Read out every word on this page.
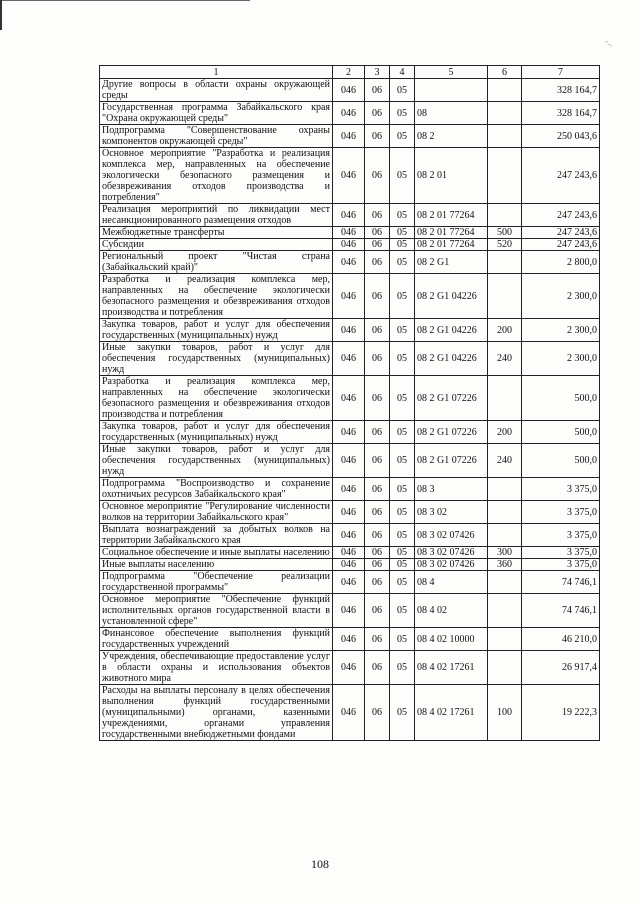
"-,
1	2	3	4	5	6	7
Другие вопросы в области охраны окружающей среды	046	06	05			328 164,7
Государственная программа Забайкальского края "Охрана окружающей среды"	046	06	05	08		328 164,7
Подпрограмма "Совершенствование охраны компонентов окружающей среды"	046	06	05	08 2		250 043,6
Основное мероприятие "Разработка и реализация комплекса мер, направленных на обеспечение экологически безопасного размещения и обезвреживания отходов производства и потребления"	046	06	05	08 2 01		247 243,6
Реализация мероприятий по ликвидации мест несанкционированного размещения отходов	046	06	05	08 2 01 77264		247 243,6
Межбюджетные трансферты	046	06	05	08 2 01 77264	500	247 243,6
Субсидии	046	06	05	08 2 01 77264	520	247 243,6
Региональный проект "Чистая страна (Забайкальский край)"	046	06	05	08 2 G1		2 800,0
Разработка и реализация комплекса мер, направленных на обеспечение экологически безопасного размещения и обезвреживания отходов производства и потребления	046	06	05	08 2 G1 04226		2 300,0
Закупка товаров, работ и услуг для обеспечения государственных (муниципальных) нужд	046	06	05	08 2 G1 04226	200	2 300,0
Иные закупки товаров, работ и услуг для обеспечения государственных (муниципальных) нужд	046	06	05	08 2 G1 04226	240	2 300,0
Разработка и реализация комплекса мер, направленных на обеспечение экологически безопасного размещения и обезвреживания отходов производства и потребления	046	06	05	08 2 G1 07226		500,0
Закупка товаров, работ и услуг для обеспечения государственных (муниципальных) нужд	046	06	05	08 2 G1 07226	200	500,0
Иные закупки товаров, работ и услуг для обеспечения государственных (муниципальных) нужд	046	06	05	08 2 G1 07226	240	500,0
Подпрограмма "Воспроизводство и сохранение охотничьих ресурсов Забайкальского края"	046	06	05	08 3		3 375,0
Основное мероприятие "Регулирование численности волков на территории Забайкальского края"	046	06	05	08 3 02		3 375,0
Выплата вознаграждений за добытых волков на территории Забайкальского края	046	06	05	08 3 02 07426		3 375,0
Социальное обеспечение и иные выплаты населению	046	06	05	08 3 02 07426	300	3 375,0
Иные выплаты населению	046	06	05	08 3 02 07426	360	3 375,0
Подпрограмма "Обеспечение реализации государственной программы"	046	06	05	08 4		74 746,1
Основное мероприятие "Обеспечение функций исполнительных органов государственной власти в установленной сфере"	046	06	05	08 4 02		74 746,1
Финансовое обеспечение выполнения функций государственных учреждений	046	06	05	08 4 02 10000		46 210,0
Учреждения, обеспечивающие предоставление услуг в области охраны и использования объектов животного мира	046	06	05	08 4 02 17261		26 917,4
Расходы на выплаты персоналу в целях обеспечения выполнения функций государственными (муниципальными) органами, казенными учреждениями, органами управления государственными внебюджетными фондами	046	06	05	08 4 02 17261	100	19 222,3
108
